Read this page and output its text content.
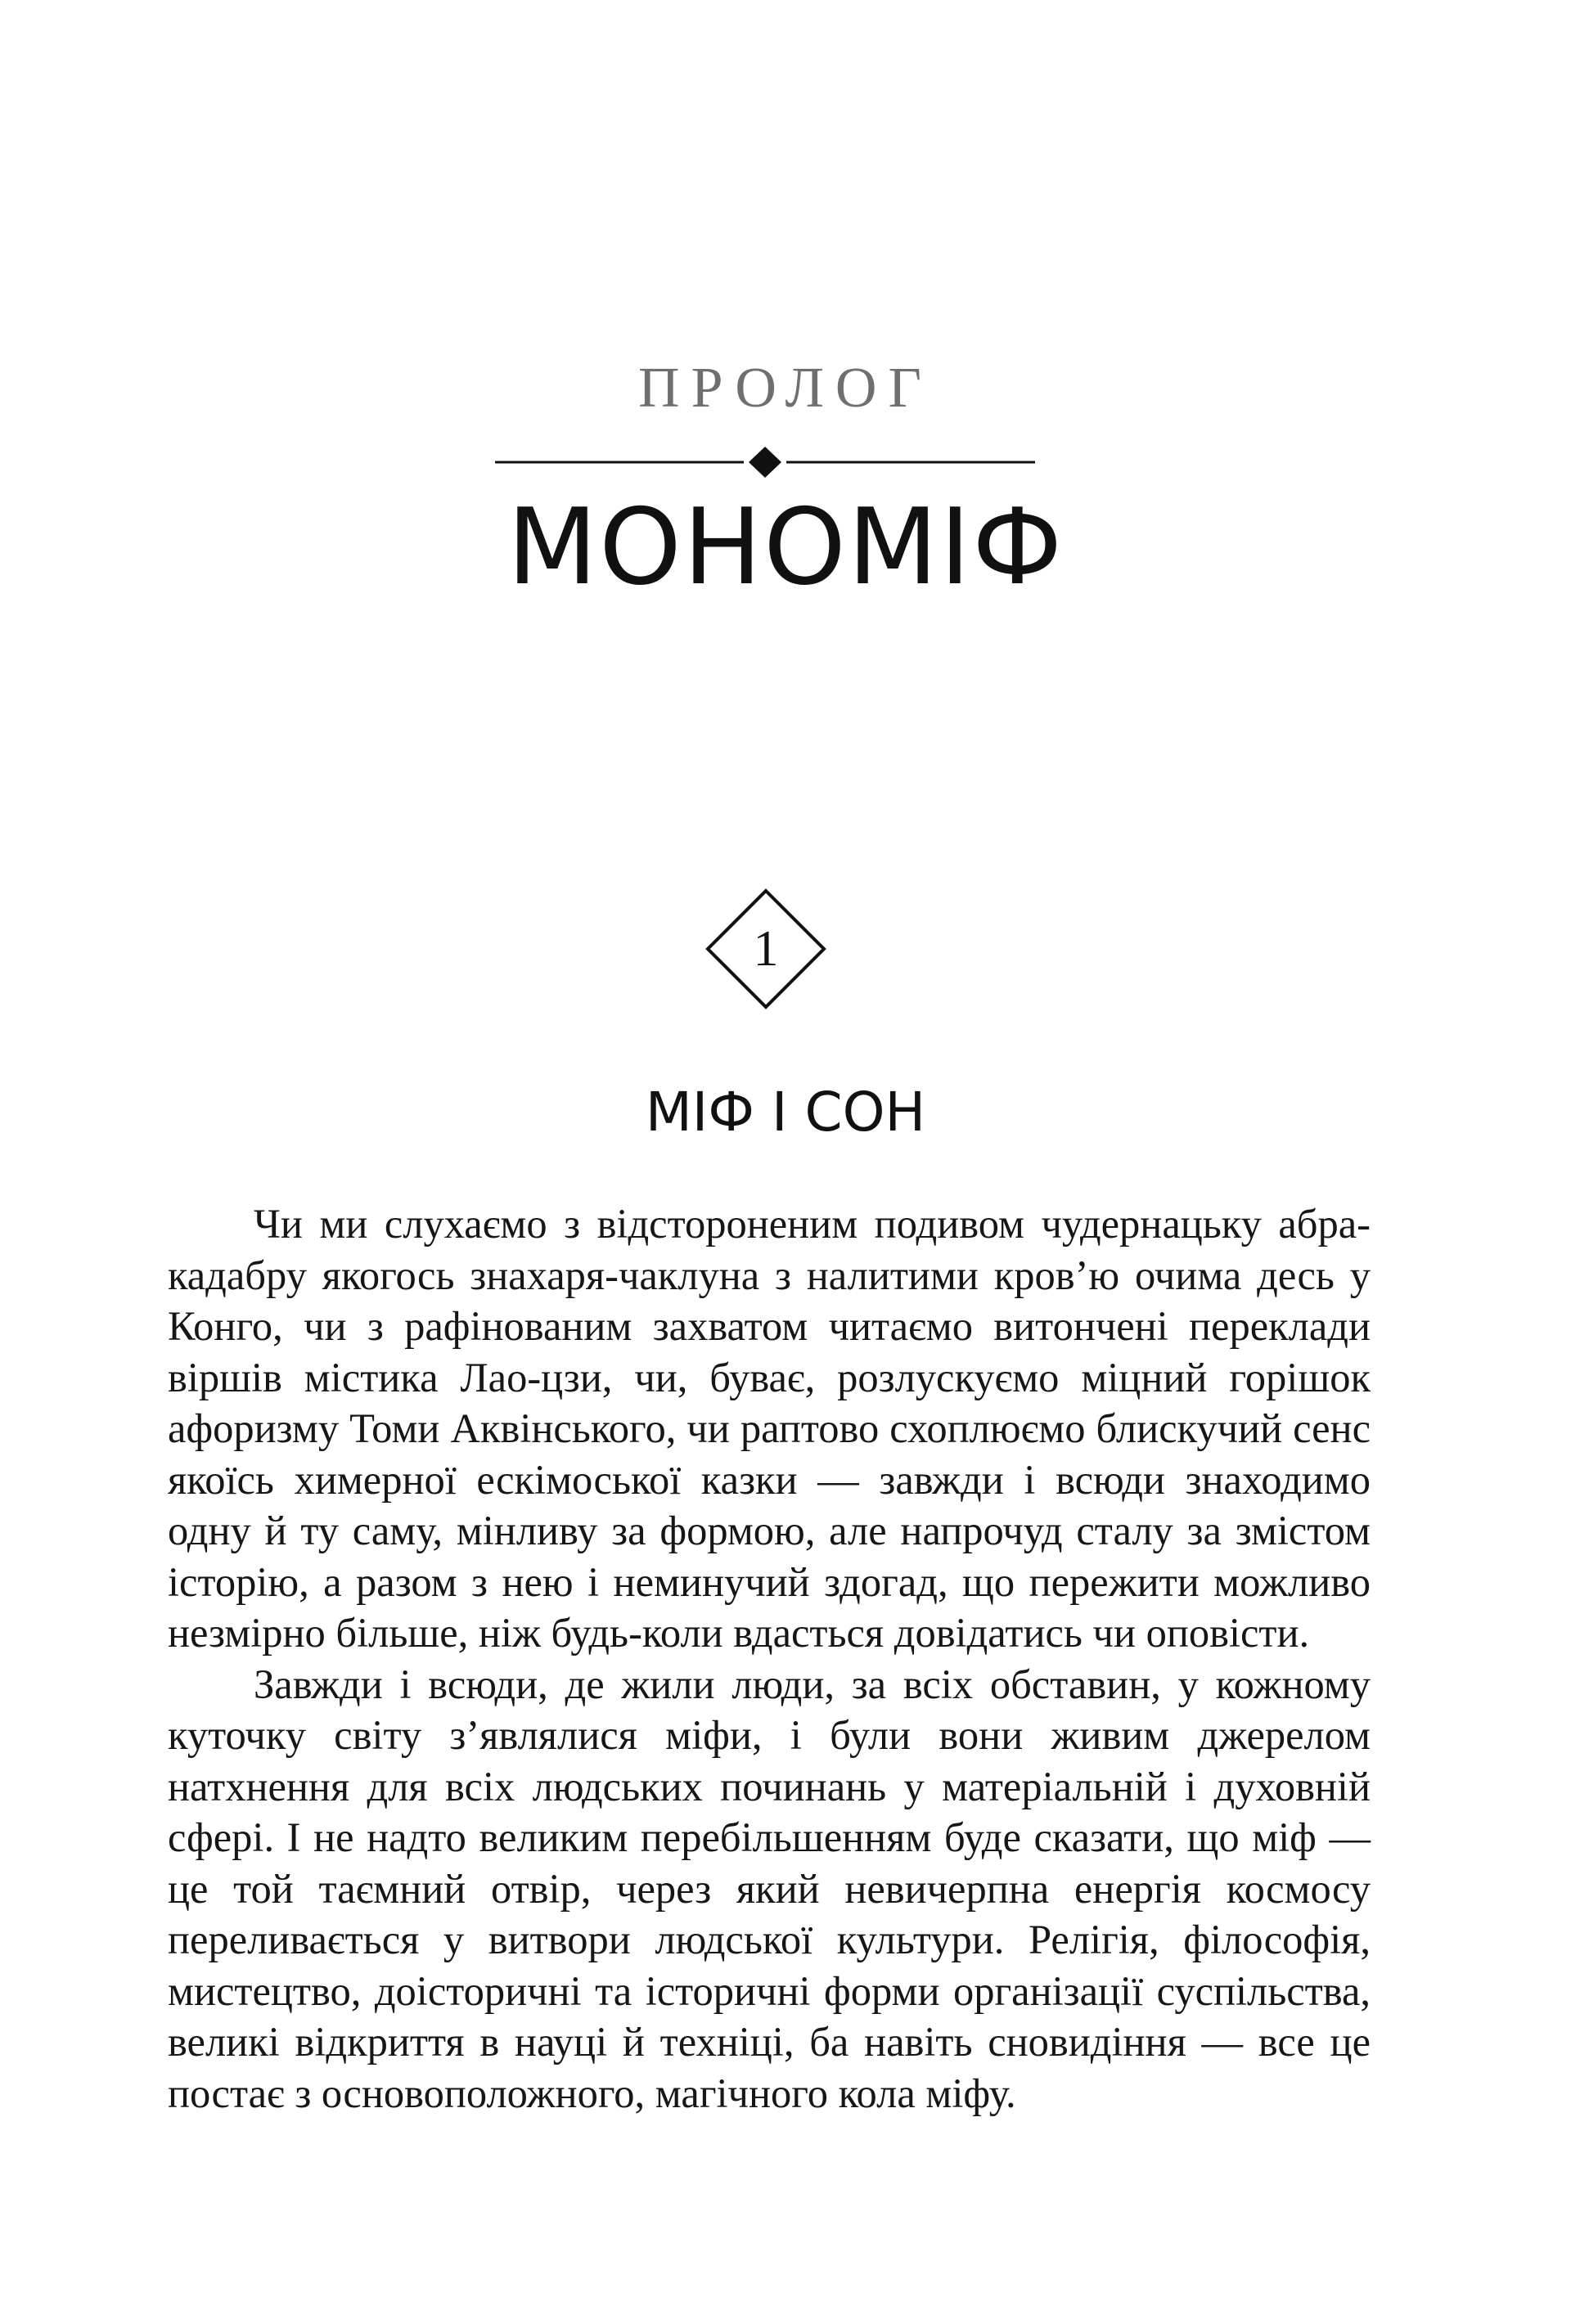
ПРОЛОГ
МОНОМІФ
1
МІФ І СОН

Чи ми слухаємо з відстороненим подивом чудернацьку абракадабру якогось знахаря-чаклуна з налитими кров’ю очима десь у Конго, чи з рафінованим захватом читаємо витончені переклади віршів містика Лао-цзи, чи, буває, розлускуємо міцний горішок афоризму Томи Аквінського, чи раптово схоплюємо блискучий сенс якоїсь химерної ескімоської казки — завжди і всюди знаходимо одну й ту саму, мінливу за формою, але напрочуд сталу за змістом історію, а разом з нею і неминучий здогад, що пережити можливо незмірно більше, ніж будь-коли вдасться довідатись чи оповісти.

Завжди і всюди, де жили люди, за всіх обставин, у кожному куточку світу з’являлися міфи, і були вони живим джерелом натхнення для всіх людських починань у матеріальній і духовній сфері. І не надто великим перебільшенням буде сказати, що міф — це той таємний отвір, через який невичерпна енергія космосу переливається у витвори людської культури. Релігія, філософія, мистецтво, доісторичні та історичні форми організації суспільства, великі відкриття в науці й техніці, ба навіть сновидіння — все це постає з основоположного, магічного кола міфу.
